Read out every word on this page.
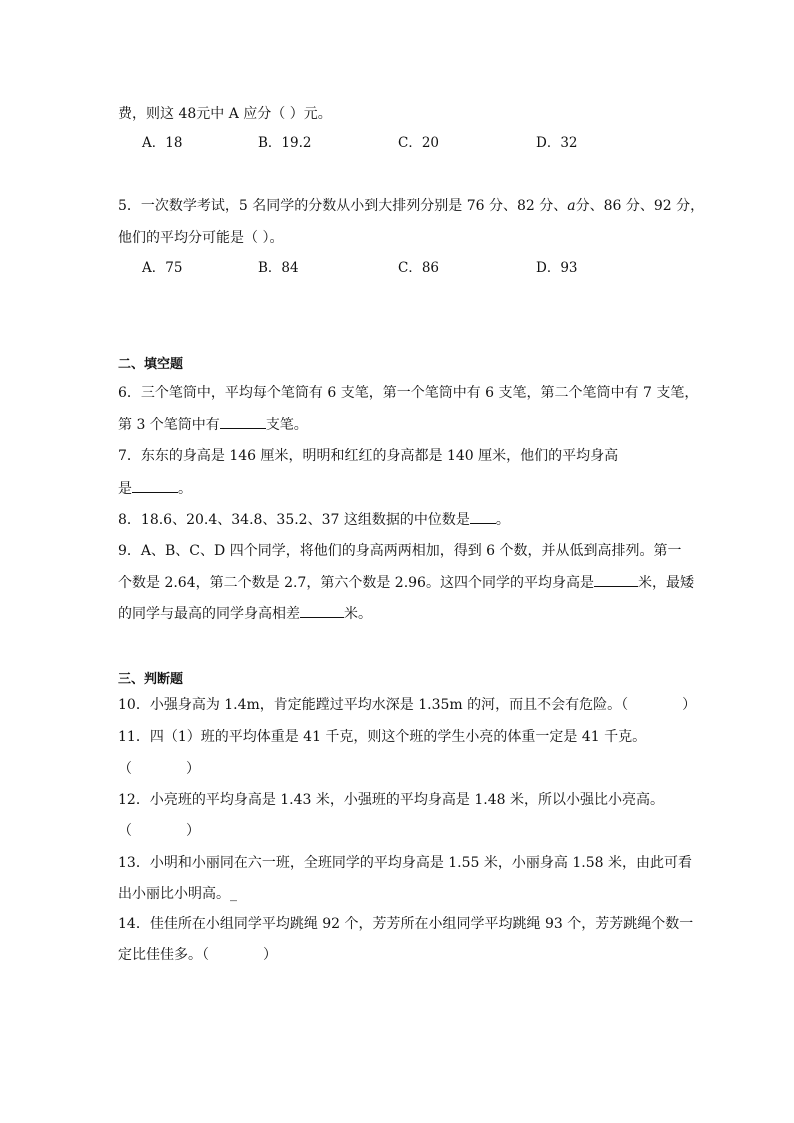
费，则这 48元中 A 应分（ ）元。
A．18	B．19.2	C．20	D．32
5．一次数学考试，5 名同学的分数从小到大排列分别是 76 分、82 分、a分、86 分、92 分，
他们的平均分可能是（ ）。
A．75	B．84	C．86	D．93
二、填空题
6．三个笔筒中，平均每个笔筒有 6 支笔，第一个笔筒中有 6 支笔，第二个笔筒中有 7 支笔，
第 3 个笔筒中有	支笔。
7．东东的身高是 146 厘米，明明和红红的身高都是 140 厘米，他们的平均身高
是	。
8．18.6、20.4、34.8、35.2、37 这组数据的中位数是 。
9．A、B、C、D 四个同学，将他们的身高两两相加，得到 6 个数，并从低到高排列。第一
个数是 2.64，第二个数是 2.7，第六个数是 2.96。这四个同学的平均身高是	米，最矮
的同学与最高的同学身高相差	米。
三、判断题
10．小强身高为 1.4m，肯定能蹚过平均水深是 1.35m 的河，而且不会有危险。（	）
11．四（1）班的平均体重是 41 千克，则这个班的学生小亮的体重一定是 41 千克。
（	）
12．小亮班的平均身高是 1.43 米，小强班的平均身高是 1.48 米，所以小强比小亮高。
（	）
13．小明和小丽同在六一班，全班同学的平均身高是 1.55 米，小丽身高 1.58 米，由此可看
出小丽比小明高。_
14．佳佳所在小组同学平均跳绳 92 个，芳芳所在小组同学平均跳绳 93 个，芳芳跳绳个数一
定比佳佳多。（	）
